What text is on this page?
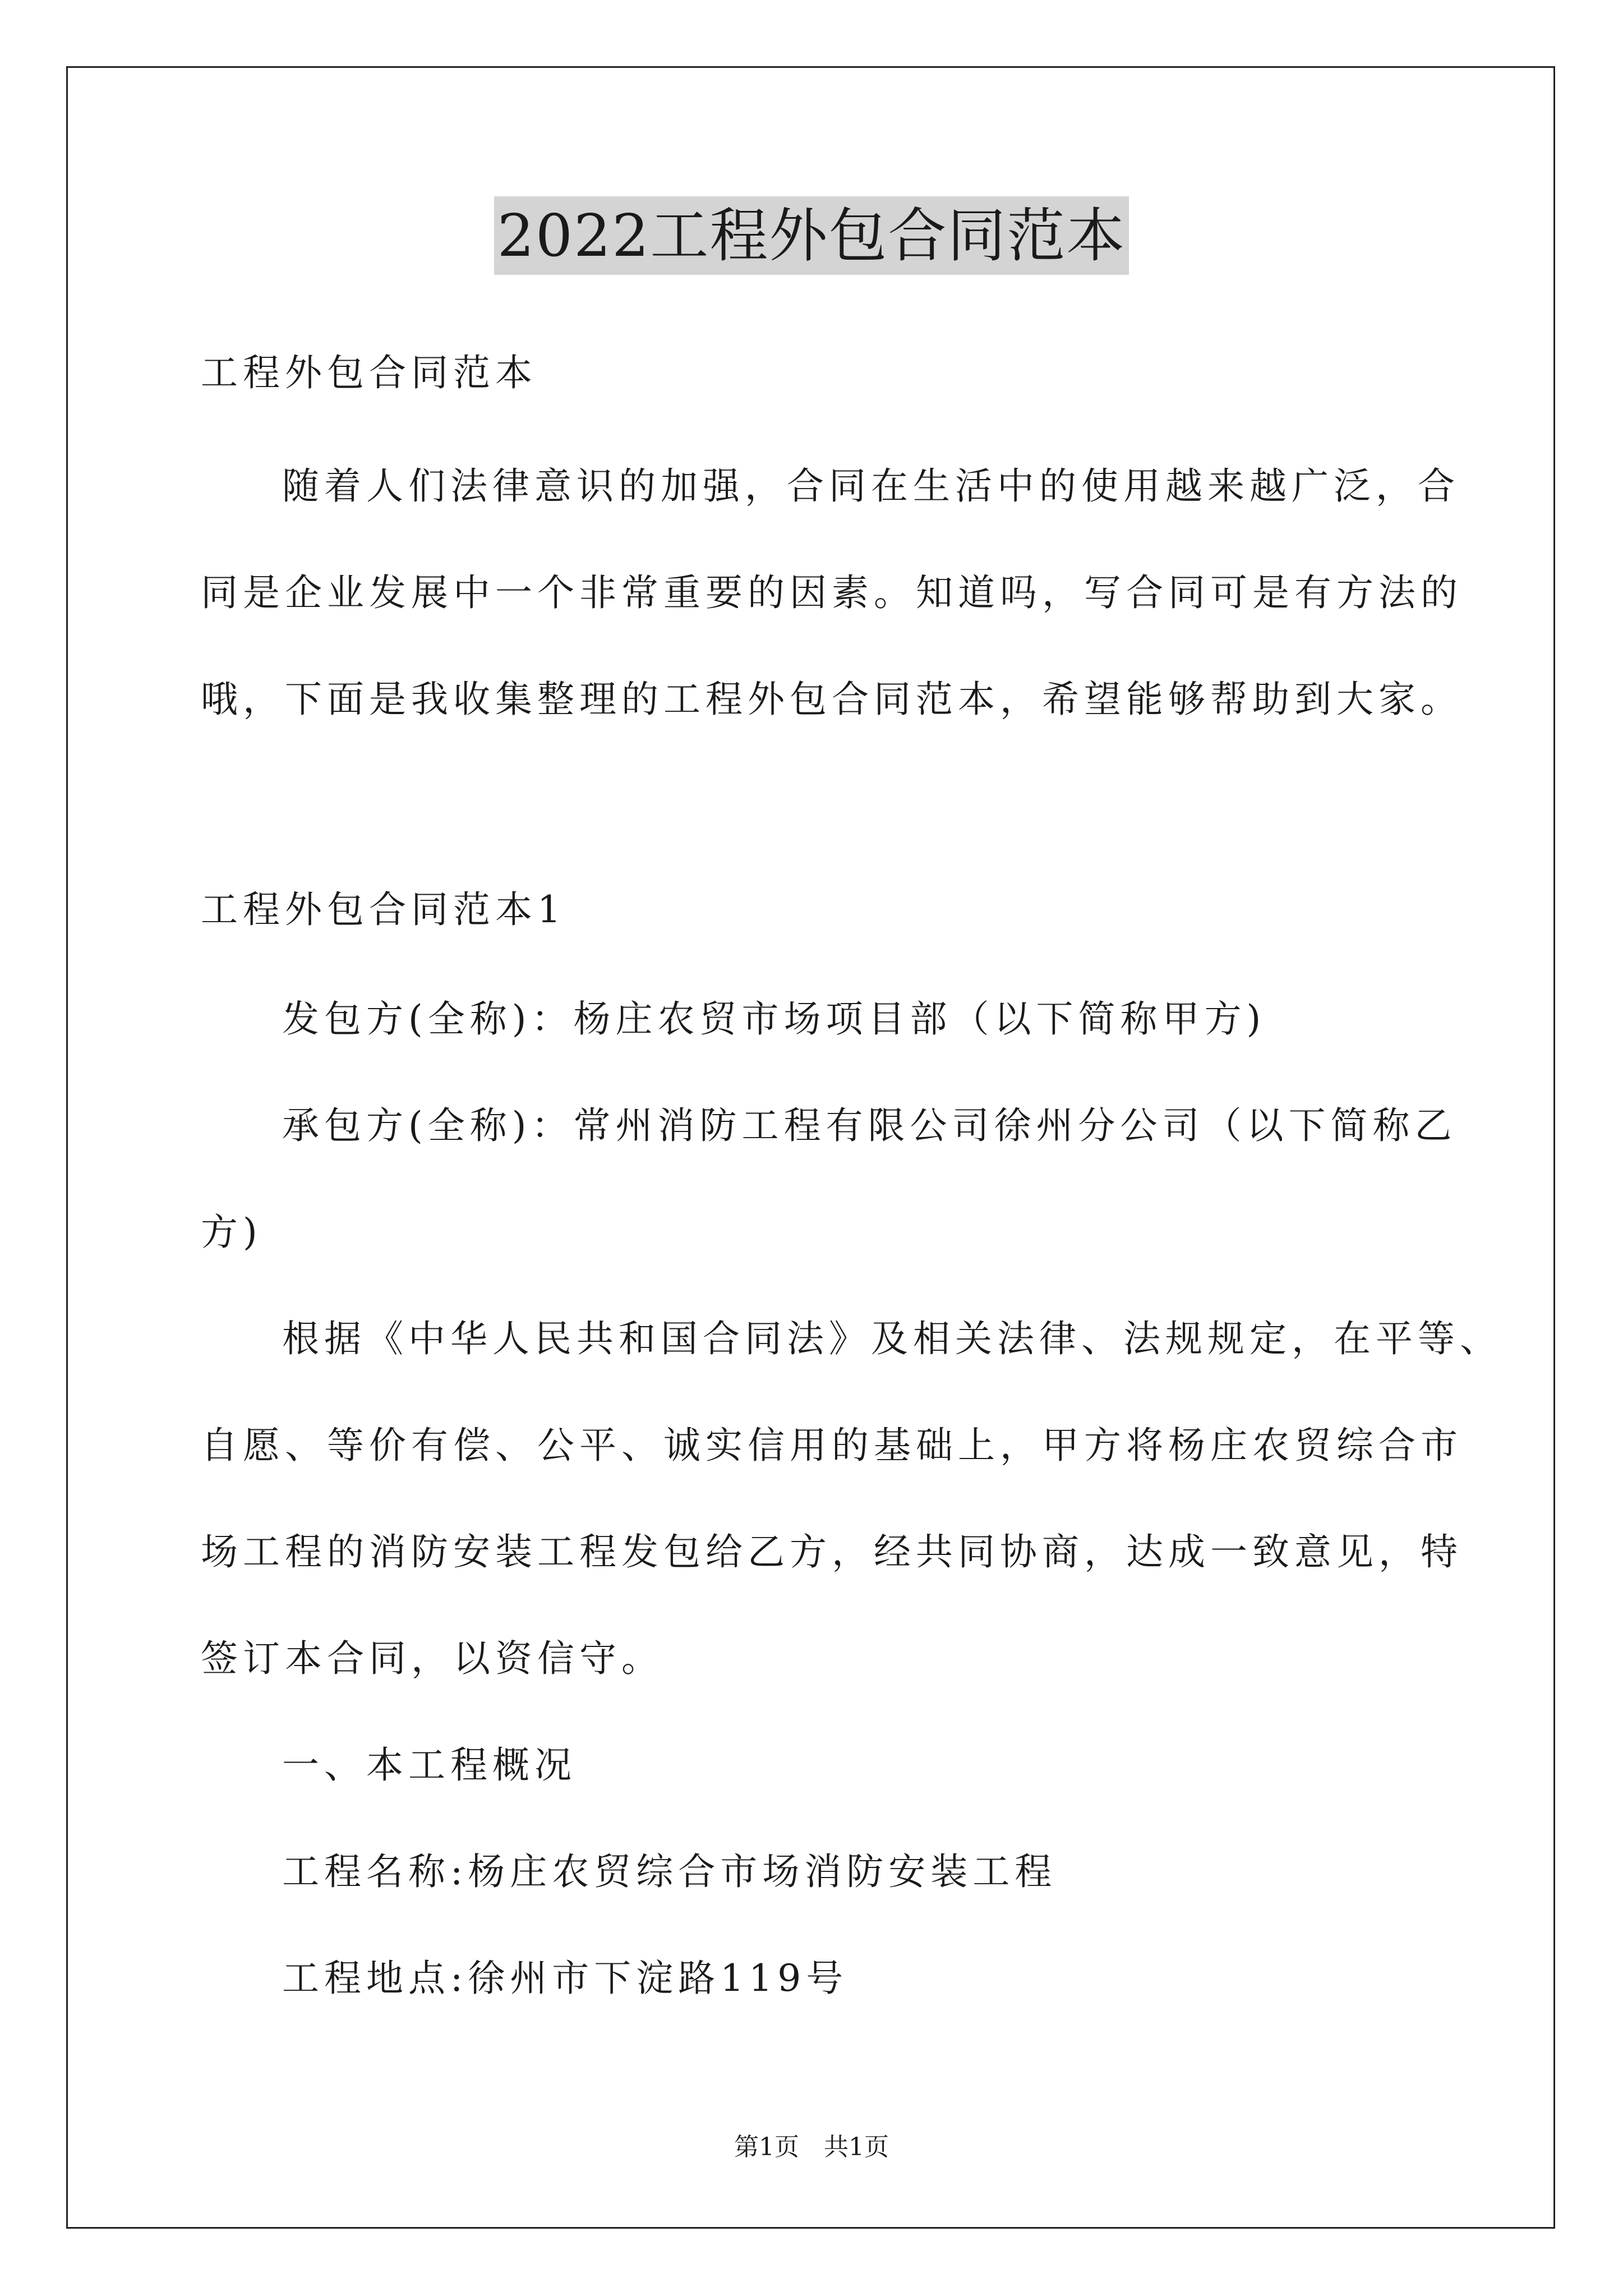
2022工程外包合同范本
工程外包合同范本
随着人们法律意识的加强，合同在生活中的使用越来越广泛，合
同是企业发展中一个非常重要的因素。知道吗，写合同可是有方法的
哦，下面是我收集整理的工程外包合同范本，希望能够帮助到大家。
工程外包合同范本1
发包方(全称)：杨庄农贸市场项目部（以下简称甲方)
承包方(全称)：常州消防工程有限公司徐州分公司（以下简称乙
方)
根据《中华人民共和国合同法》及相关法律、法规规定，在平等、
自愿、等价有偿、公平、诚实信用的基础上，甲方将杨庄农贸综合市
场工程的消防安装工程发包给乙方，经共同协商，达成一致意见，特
签订本合同，以资信守。
一、本工程概况
工程名称:杨庄农贸综合市场消防安装工程
工程地点:徐州市下淀路119号
第1页 共1页
